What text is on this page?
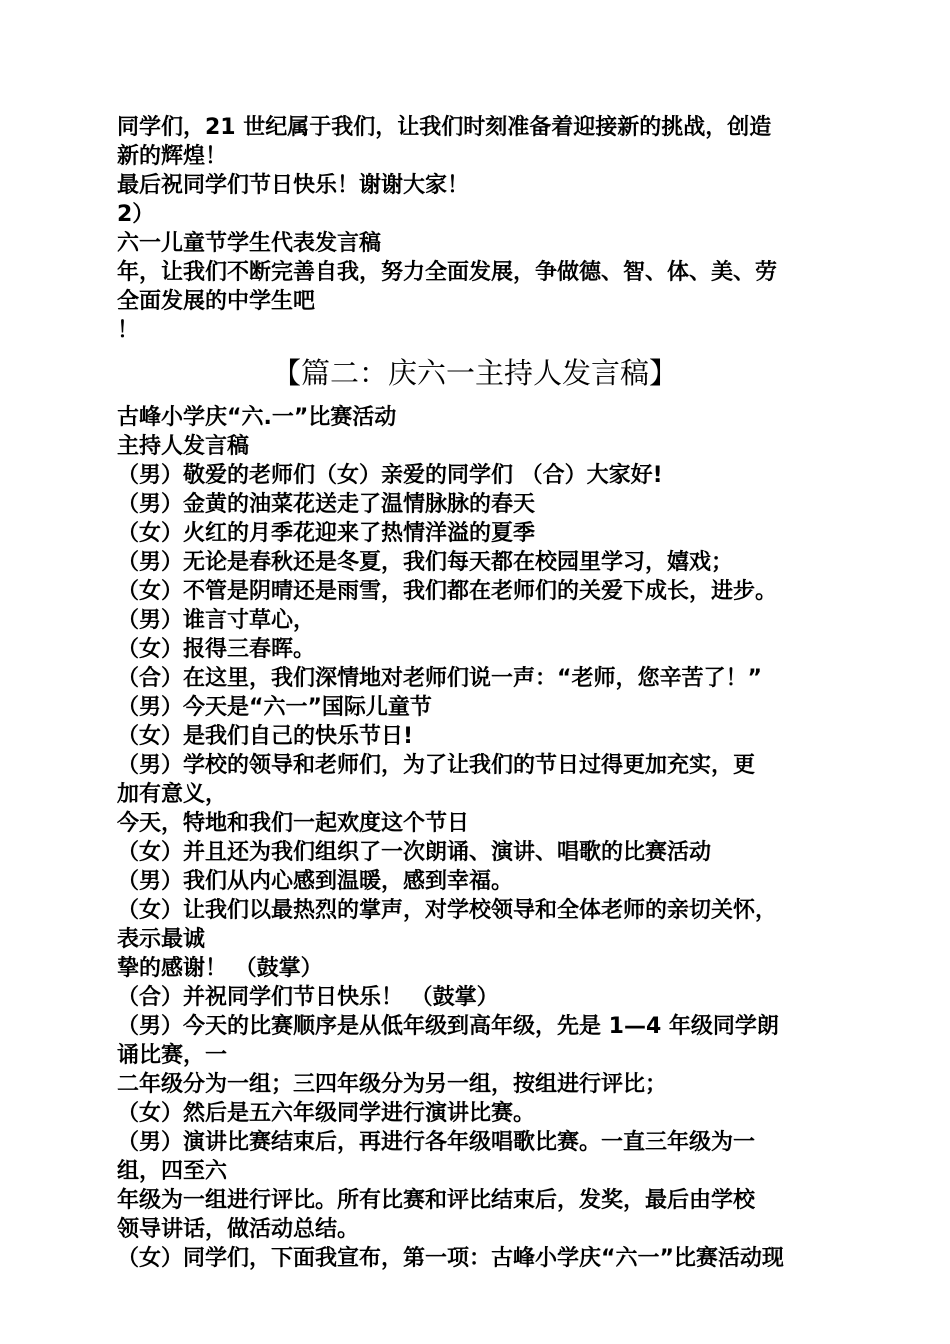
同学们，21 世纪属于我们，让我们时刻准备着迎接新的挑战，创造
新的辉煌！
最后祝同学们节日快乐！谢谢大家！
2）
六一儿童节学生代表发言稿
年，让我们不断完善自我，努力全面发展，争做德、智、体、美、劳
全面发展的中学生吧
！
【篇二：庆六一主持人发言稿】
古峰小学庆“六.一”比赛活动
主持人发言稿
（男）敬爱的老师们（女）亲爱的同学们 （合）大家好!
（男）金黄的油菜花送走了温情脉脉的春天
（女）火红的月季花迎来了热情洋溢的夏季
（男）无论是春秋还是冬夏，我们每天都在校园里学习，嬉戏；
（女）不管是阴晴还是雨雪，我们都在老师们的关爱下成长，进步。
（男）谁言寸草心，
（女）报得三春晖。
（合）在这里，我们深情地对老师们说一声：“老师，您辛苦了！”
（男）今天是“六一”国际儿童节
（女）是我们自己的快乐节日!
（男）学校的领导和老师们，为了让我们的节日过得更加充实，更
加有意义，
今天，特地和我们一起欢度这个节日
（女）并且还为我们组织了一次朗诵、演讲、唱歌的比赛活动
（男）我们从内心感到温暖，感到幸福。
（女）让我们以最热烈的掌声，对学校领导和全体老师的亲切关怀，
表示最诚
挚的感谢！ （鼓掌）
（合）并祝同学们节日快乐！ （鼓掌）
（男）今天的比赛顺序是从低年级到高年级，先是 1—4 年级同学朗
诵比赛，一
二年级分为一组；三四年级分为另一组，按组进行评比；
（女）然后是五六年级同学进行演讲比赛。
（男）演讲比赛结束后，再进行各年级唱歌比赛。一直三年级为一
组，四至六
年级为一组进行评比。所有比赛和评比结束后，发奖，最后由学校
领导讲话，做活动总结。
（女）同学们，下面我宣布，第一项：古峰小学庆“六一”比赛活动现
